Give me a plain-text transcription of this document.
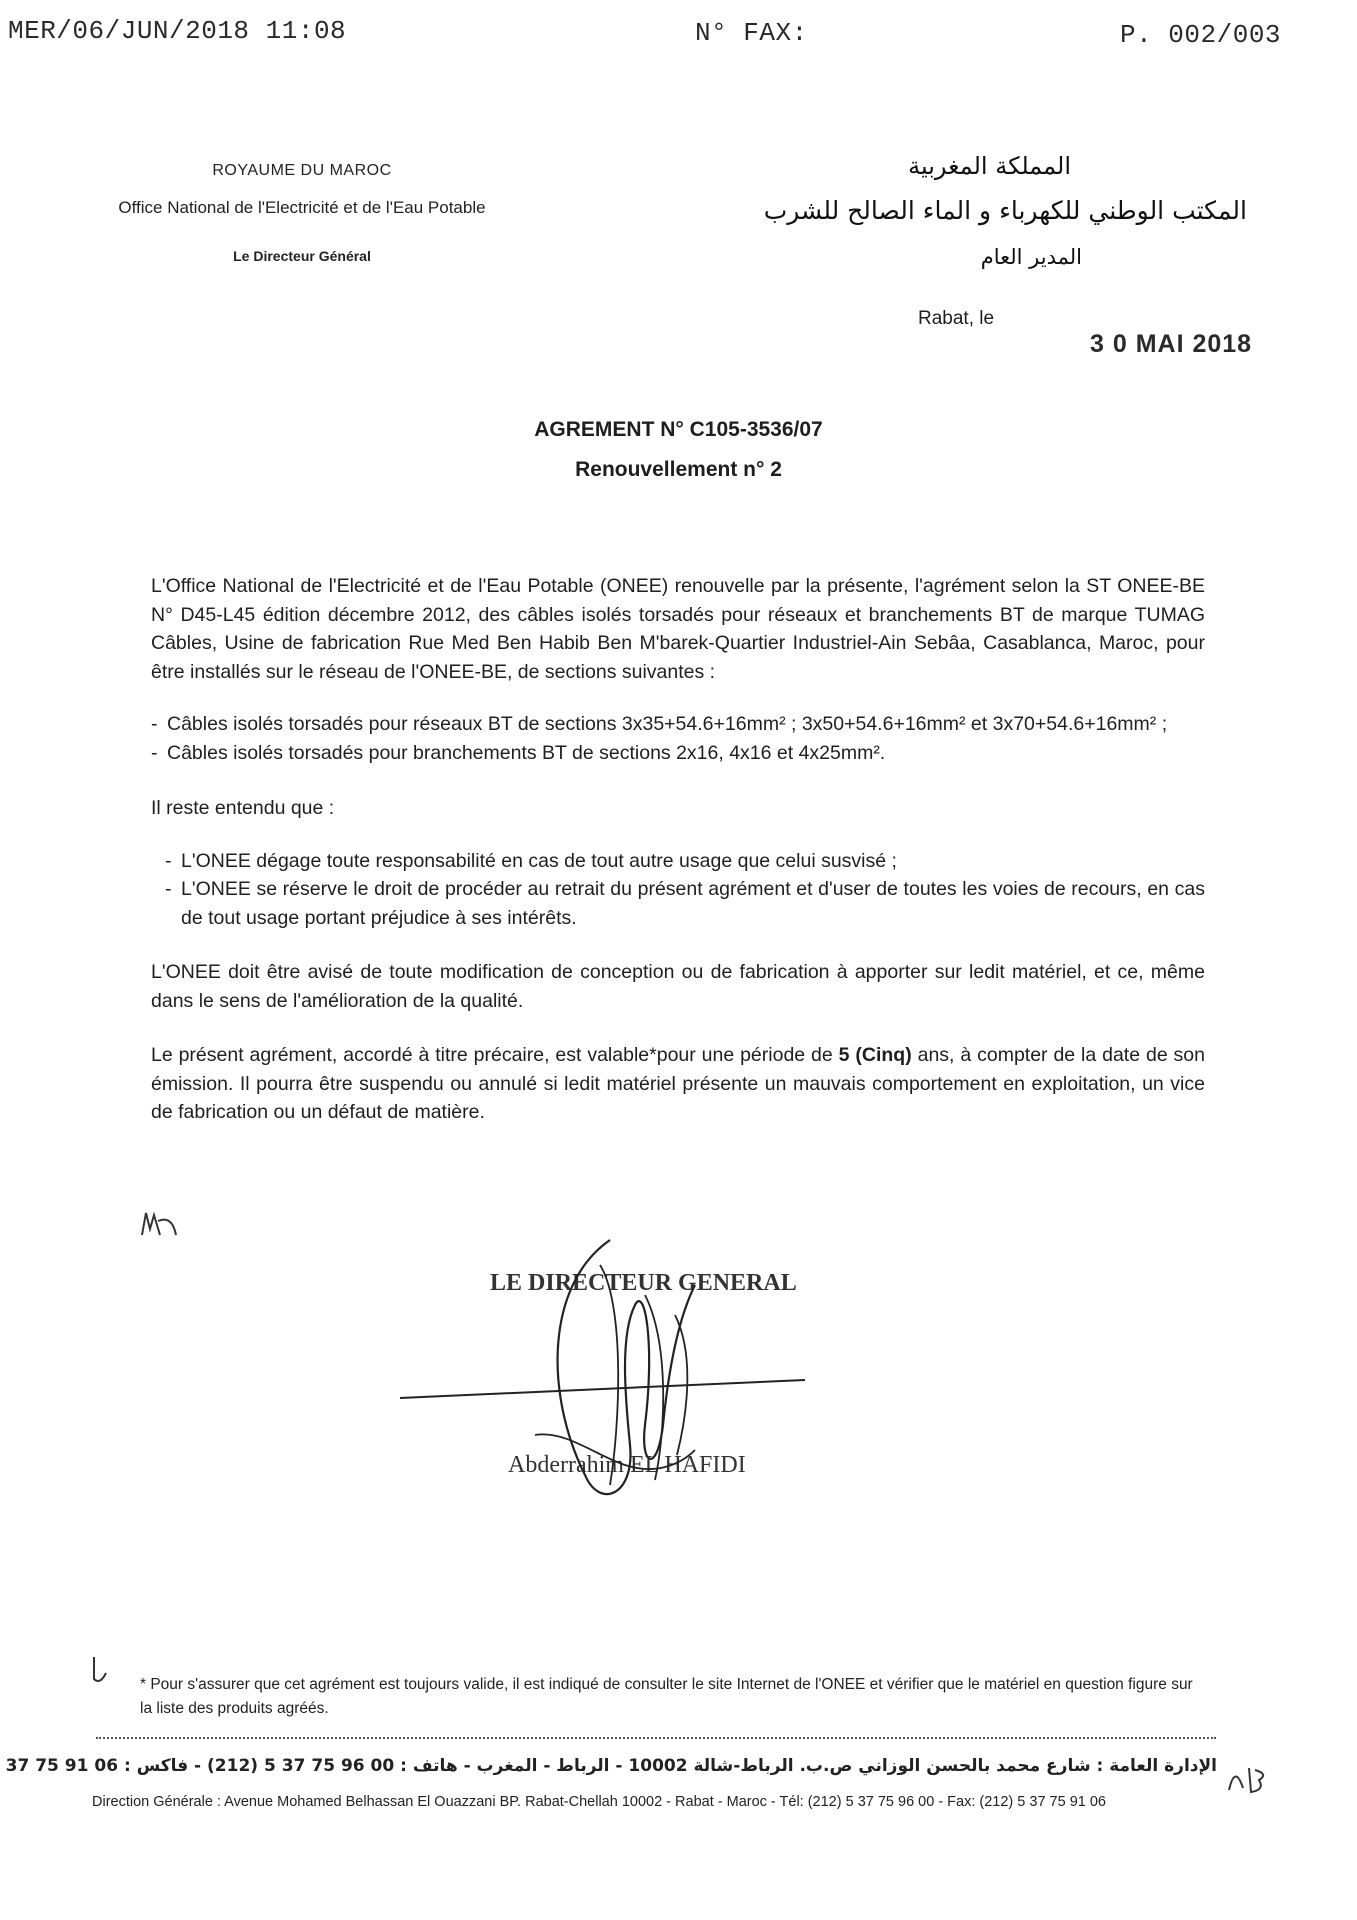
MER/06/JUN/2018 11:08	N° FAX:	P. 002/003
ROYAUME DU MAROC
Office National de l'Electricité et de l'Eau Potable
Le Directeur Général
المملكة المغربية
المكتب الوطني للكهرباء و الماء الصالح للشرب
المدير العام
Rabat, le
3 0 MAI 2018
AGREMENT N° C105-3536/07
Renouvellement n° 2

L'Office National de l'Electricité et de l'Eau Potable (ONEE) renouvelle par la présente, l'agrément selon la ST ONEE-BE N° D45-L45 édition décembre 2012, des câbles isolés torsadés pour réseaux et branchements BT de marque TUMAG Câbles, Usine de fabrication Rue Med Ben Habib Ben M'barek-Quartier Industriel-Ain Sebâa, Casablanca, Maroc, pour être installés sur le réseau de l'ONEE-BE, de sections suivantes :

- Câbles isolés torsadés pour réseaux BT de sections 3x35+54.6+16mm² ; 3x50+54.6+16mm² et 3x70+54.6+16mm² ;
- Câbles isolés torsadés pour branchements BT de sections 2x16, 4x16 et 4x25mm².

Il reste entendu que :

- L'ONEE dégage toute responsabilité en cas de tout autre usage que celui susvisé ;
- L'ONEE se réserve le droit de procéder au retrait du présent agrément et d'user de toutes les voies de recours, en cas de tout usage portant préjudice à ses intérêts.

L'ONEE doit être avisé de toute modification de conception ou de fabrication à apporter sur ledit matériel, et ce, même dans le sens de l'amélioration de la qualité.

Le présent agrément, accordé à titre précaire, est valable*pour une période de 5 (Cinq) ans, à compter de la date de son émission. Il pourra être suspendu ou annulé si ledit matériel présente un mauvais comportement en exploitation, un vice de fabrication ou un défaut de matière.

LE DIRECTEUR GENERAL
Abderrahim EL HAFIDI
* Pour s'assurer que cet agrément est toujours valide, il est indiqué de consulter le site Internet de l'ONEE et vérifier que le matériel en question figure sur la liste des produits agréés.
الإدارة العامة : شارع محمد بالحسن الوزاني ص.ب. الرباط-شالة 10002 - الرباط - المغرب - هاتف : 00 96 75 37 5 (212) - فاكس : 06 91 75 37
Direction Générale : Avenue Mohamed Belhassan El Ouazzani BP. Rabat-Chellah 10002 - Rabat - Maroc - Tél: (212) 5 37 75 96 00 - Fax: (212) 5 37 75 91 06
